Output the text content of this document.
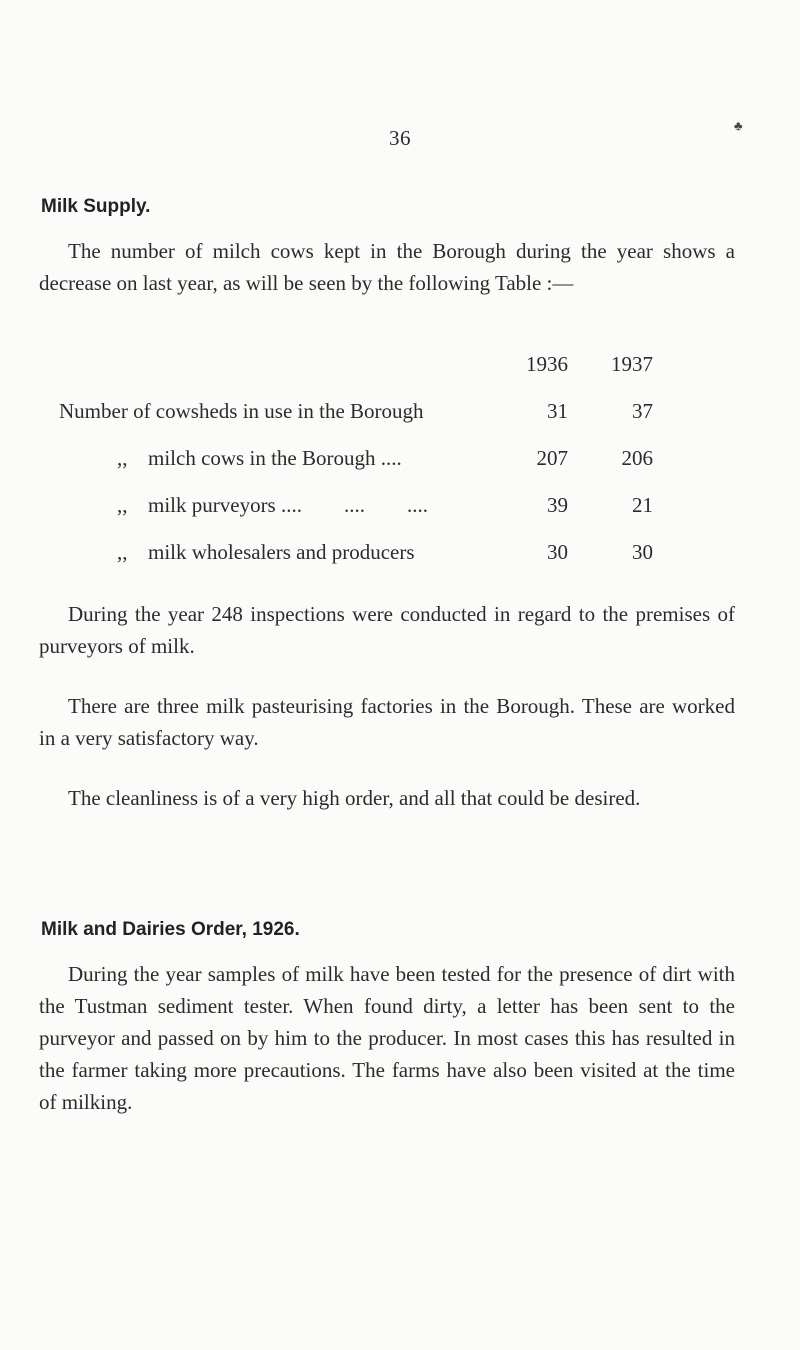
♣
36
Milk Supply.

The number of milch cows kept in the Borough during the year shows a decrease on last year, as will be seen by the following Table :—

1936	1937
Number of cowsheds in use in the Borough	31	37
,, milch cows in the Borough ....	207	206
,, milk purveyors ....        ....        ....	39	21
,, milk wholesalers and producers	30	30

During the year 248 inspections were conducted in regard to the premises of purveyors of milk.

There are three milk pasteurising factories in the Borough. These are worked in a very satisfactory way.

The cleanliness is of a very high order, and all that could be desired.

Milk and Dairies Order, 1926.

During the year samples of milk have been tested for the presence of dirt with the Tustman sediment tester. When found dirty, a letter has been sent to the purveyor and passed on by him to the producer. In most cases this has resulted in the farmer taking more precautions. The farms have also been visited at the time of milking.
